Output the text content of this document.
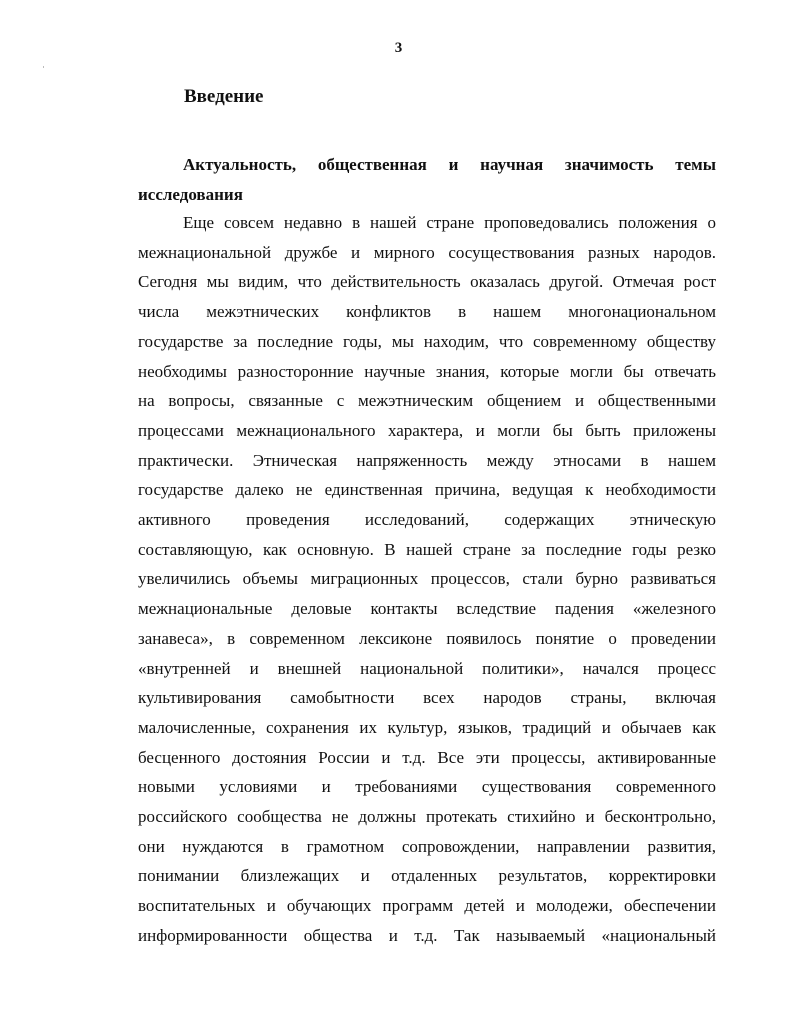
3
Введение
Актуальность, общественная и научная значимость темы
исследования

Еще совсем недавно в нашей стране проповедовались положения о
межнациональной дружбе и мирного сосуществования разных народов.
Сегодня мы видим, что действительность оказалась другой. Отмечая рост
числа межэтнических конфликтов в нашем многонациональном
государстве за последние годы, мы находим, что современному обществу
необходимы разносторонние научные знания, которые могли бы отвечать
на вопросы, связанные с межэтническим общением и общественными
процессами межнационального характера, и могли бы быть приложены
практически. Этническая напряженность между этносами в нашем
государстве далеко не единственная причина, ведущая к необходимости
активного проведения исследований, содержащих этническую
составляющую, как основную. В нашей стране за последние годы резко
увеличились объемы миграционных процессов, стали бурно развиваться
межнациональные деловые контакты вследствие падения «железного
занавеса», в современном лексиконе появилось понятие о проведении
«внутренней и внешней национальной политики», начался процесс
культивирования самобытности всех народов страны, включая
малочисленные, сохранения их культур, языков, традиций и обычаев как
бесценного достояния России и т.д. Все эти процессы, активированные
новыми условиями и требованиями существования современного
российского сообщества не должны протекать стихийно и бесконтрольно,
они нуждаются в грамотном сопровождении, направлении развития,
понимании близлежащих и отдаленных результатов, корректировки
воспитательных и обучающих программ детей и молодежи, обеспечении
информированности общества и т.д. Так называемый «национальный
